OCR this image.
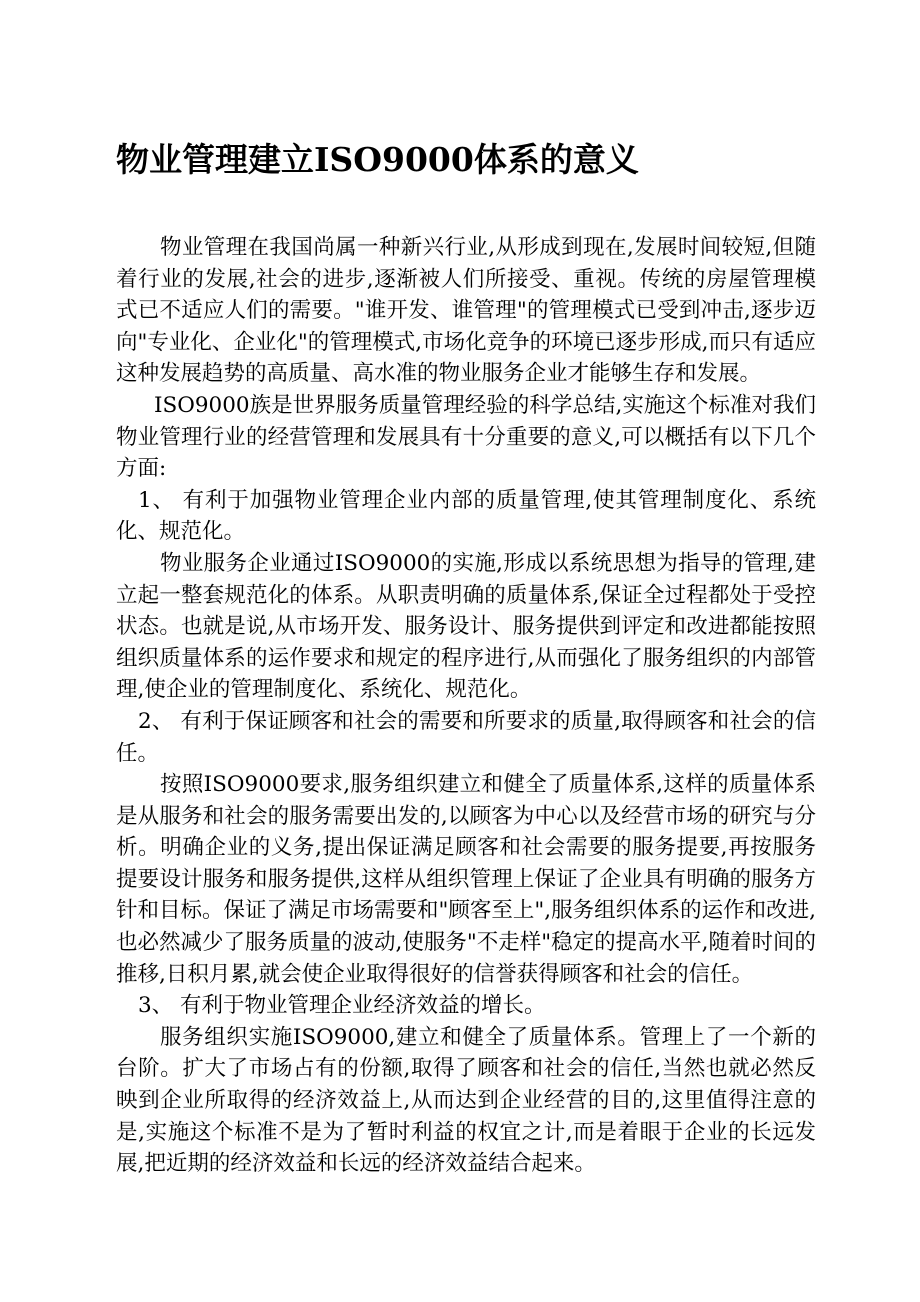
物业管理建立ISO9000体系的意义

物业管理在我国尚属一种新兴行业,从形成到现在,发展时间较短,但随着行业的发展,社会的进步,逐渐被人们所接受、重视。传统的房屋管理模式已不适应人们的需要。"谁开发、谁管理"的管理模式已受到冲击,逐步迈向"专业化、企业化"的管理模式,市场化竞争的环境已逐步形成,而只有适应这种发展趋势的高质量、高水准的物业服务企业才能够生存和发展。

ISO9000族是世界服务质量管理经验的科学总结,实施这个标准对我们物业管理行业的经营管理和发展具有十分重要的意义,可以概括有以下几个方面:

1、 有利于加强物业管理企业内部的质量管理,使其管理制度化、系统化、规范化。

物业服务企业通过ISO9000的实施,形成以系统思想为指导的管理,建立起一整套规范化的体系。从职责明确的质量体系,保证全过程都处于受控状态。也就是说,从市场开发、服务设计、服务提供到评定和改进都能按照组织质量体系的运作要求和规定的程序进行,从而强化了服务组织的内部管理,使企业的管理制度化、系统化、规范化。

2、 有利于保证顾客和社会的需要和所要求的质量,取得顾客和社会的信任。

按照ISO9000要求,服务组织建立和健全了质量体系,这样的质量体系是从服务和社会的服务需要出发的,以顾客为中心以及经营市场的研究与分析。明确企业的义务,提出保证满足顾客和社会需要的服务提要,再按服务提要设计服务和服务提供,这样从组织管理上保证了企业具有明确的服务方针和目标。保证了满足市场需要和"顾客至上",服务组织体系的运作和改进,也必然减少了服务质量的波动,使服务"不走样"稳定的提高水平,随着时间的推移,日积月累,就会使企业取得很好的信誉获得顾客和社会的信任。

3、 有利于物业管理企业经济效益的增长。

服务组织实施ISO9000,建立和健全了质量体系。管理上了一个新的台阶。扩大了市场占有的份额,取得了顾客和社会的信任,当然也就必然反映到企业所取得的经济效益上,从而达到企业经营的目的,这里值得注意的是,实施这个标准不是为了暂时利益的权宜之计,而是着眼于企业的长远发展,把近期的经济效益和长远的经济效益结合起来。
